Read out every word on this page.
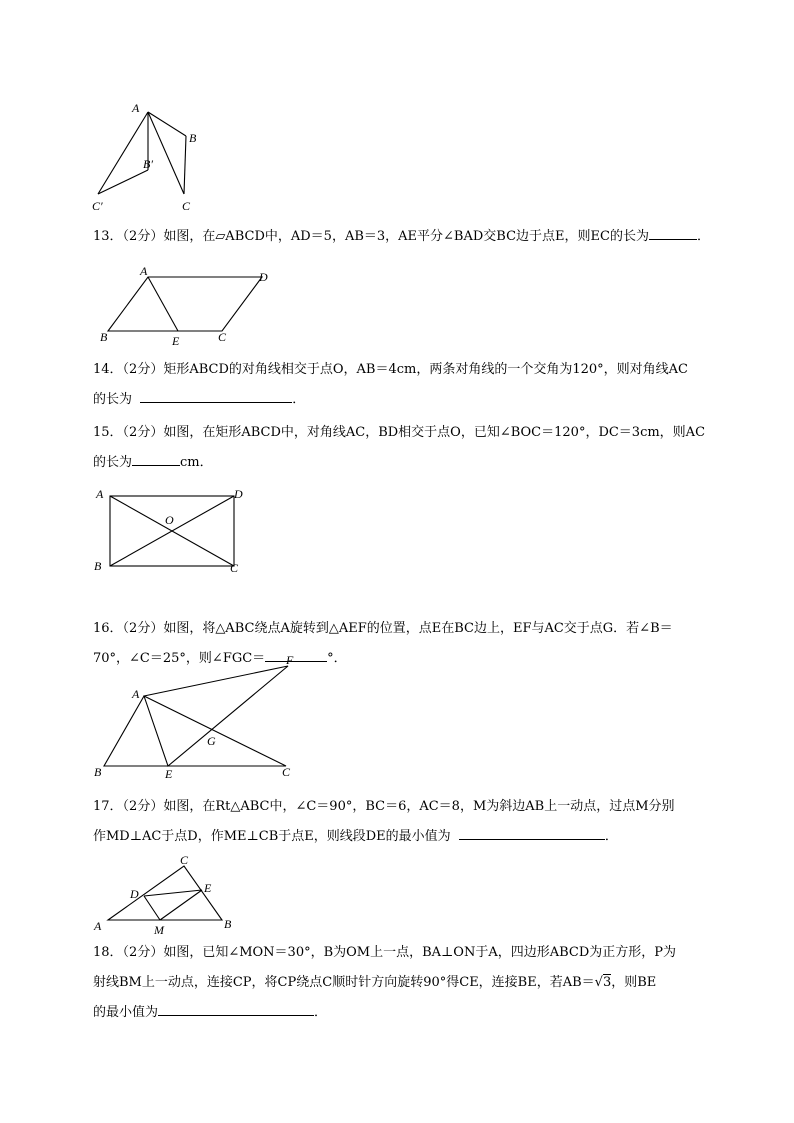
A
B
B′
C′	C
13．（2分）如图，在▱ABCD中，AD＝5，AB＝3，AE平分∠BAD交BC边于点E，则EC的长为	．
A	D
B	E	C
14．（2分）矩形ABCD的对角线相交于点O，AB＝4cm，两条对角线的一个交角为120°，则对角线AC
的长为	．
15．（2分）如图，在矩形ABCD中，对角线AC，BD相交于点O，已知∠BOC＝120°，DC＝3cm，则AC
的长为	cm．
A	D
O
B	C
16．（2分）如图，将△ABC绕点A旋转到△AEF的位置，点E在BC边上，EF与AC交于点G．若∠B＝
70°，∠C＝25°，则∠FGC＝	°．
F
A
G
B	E	C
17．（2分）如图，在Rt△ABC中，∠C＝90°，BC＝6，AC＝8，M为斜边AB上一动点，过点M分别
作MD⊥AC于点D，作ME⊥CB于点E，则线段DE的最小值为	．
C
D	E
A	M	B
18．（2分）如图，已知∠MON＝30°，B为OM上一点，BA⊥ON于A，四边形ABCD为正方形，P为
射线BM上一动点，连接CP，将CP绕点C顺时针方向旋转90°得CE，连接BE，若AB＝√3，则BE
的最小值为	．
